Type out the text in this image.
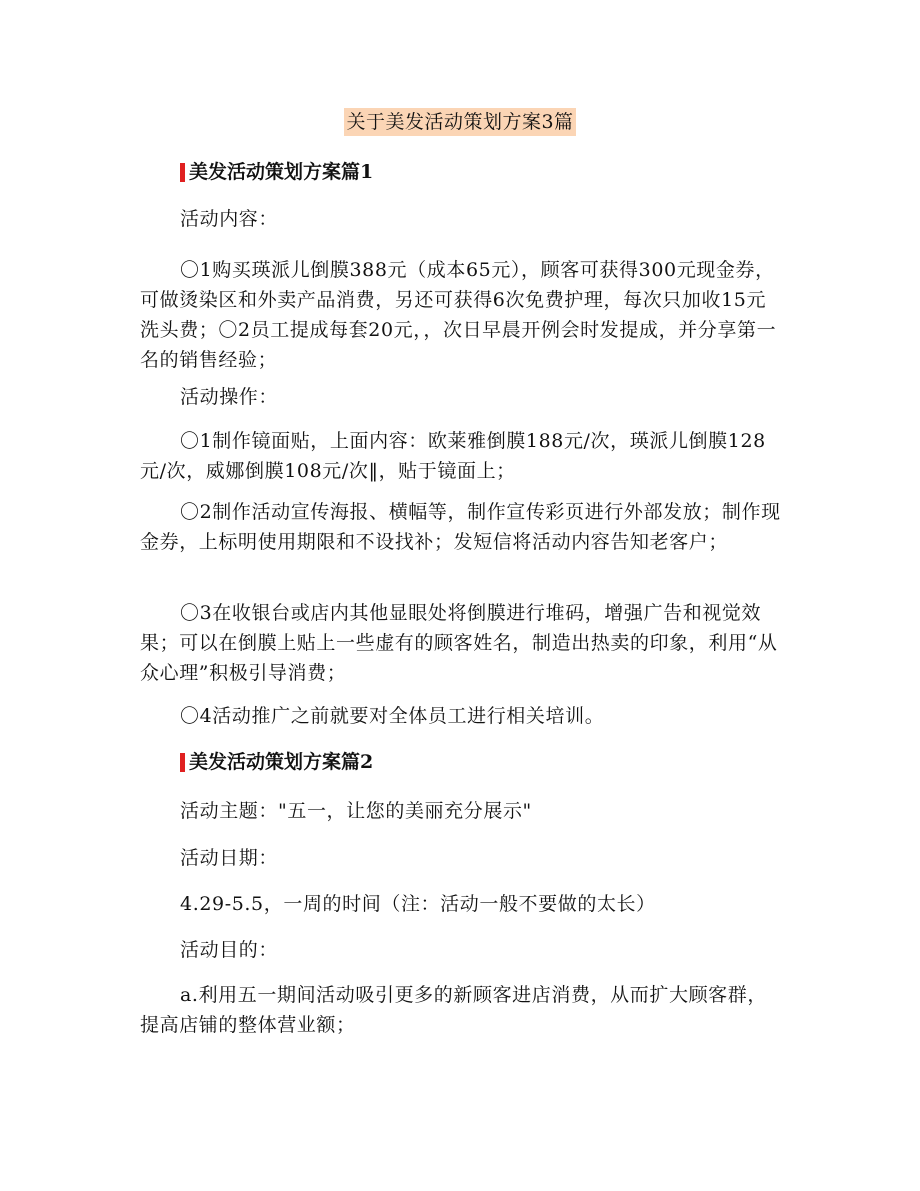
关于美发活动策划方案3篇
美发活动策划方案篇1

活动内容：

〇1购买瑛派儿倒膜388元（成本65元），顾客可获得300元现金券，可做烫染区和外卖产品消费，另还可获得6次免费护理，每次只加收15元洗头费；〇2员工提成每套20元，，次日早晨开例会时发提成，并分享第一名的销售经验；

活动操作：

〇1制作镜面贴，上面内容：欧莱雅倒膜188元/次，瑛派儿倒膜128元/次，威娜倒膜108元/次‖，贴于镜面上；

〇2制作活动宣传海报、横幅等，制作宣传彩页进行外部发放；制作现金券，上标明使用期限和不设找补；发短信将活动内容告知老客户；

〇3在收银台或店内其他显眼处将倒膜进行堆码，增强广告和视觉效果；可以在倒膜上贴上一些虚有的顾客姓名，制造出热卖的印象，利用“从众心理”积极引导消费；

〇4活动推广之前就要对全体员工进行相关培训。

美发活动策划方案篇2

活动主题："五一，让您的美丽充分展示"

活动日期：

4.29-5.5，一周的时间（注：活动一般不要做的太长）

活动目的：

a.利用五一期间活动吸引更多的新顾客进店消费，从而扩大顾客群，提高店铺的整体营业额；
